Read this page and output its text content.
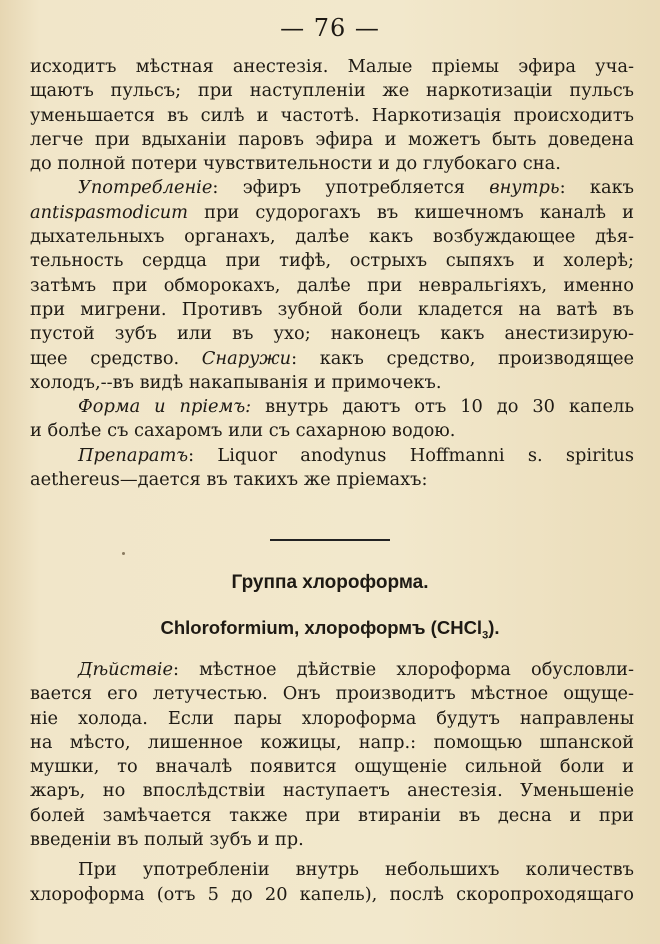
— 76 —
исходитъ мѣстная анестезія. Малые пріемы эфира уча-
щаютъ пульсъ; при наступленіи же наркотизаціи пульсъ
уменьшается въ силѣ и частотѣ. Наркотизація происходитъ
легче при вдыханіи паровъ эфира и можетъ быть доведена
до полной потери чувствительности и до глубокаго сна.
Употребленіе: эфиръ употребляется внутрь: какъ
antispasmodicum при судорогахъ въ кишечномъ каналѣ и
дыхательныхъ органахъ, далѣе какъ возбуждающее дѣя-
тельность сердца при тифѣ, острыхъ сыпяхъ и холерѣ;
затѣмъ при обморокахъ, далѣе при невральгіяхъ, именно
при мигрени. Противъ зубной боли кладется на ватѣ въ
пустой зубъ или въ ухо; наконецъ какъ анестизирую-
щее средство. Снаружи: какъ средство, производящее
холодъ,--въ видѣ накапыванія и примочекъ.
Форма и пріемъ: внутрь даютъ отъ 10 до 30 капель
и болѣе съ сахаромъ или съ сахарною водою.
Препаратъ: Liquor anodynus Hoffmanni s. spiritus
aethereus—дается въ такихъ же пріемахъ:
Группа хлороформа.
Chloroformium, хлороформъ (CHCl$_3$).
Дѣйствіе: мѣстное дѣйствіе хлороформа обусловли-
вается его летучестью. Онъ производитъ мѣстное ощуще-
ніе холода. Если пары хлороформа будутъ направлены
на мѣсто, лишенное кожицы, напр.: помощью шпанской
мушки, то вначалѣ появится ощущеніе сильной боли и
жаръ, но впослѣдствіи наступаетъ анестезія. Уменьшеніе
болей замѣчается также при втираніи въ десна и при
введеніи въ полый зубъ и пр.
При употребленіи внутрь небольшихъ количествъ
хлороформа (отъ 5 до 20 капель), послѣ скоропроходящаго
